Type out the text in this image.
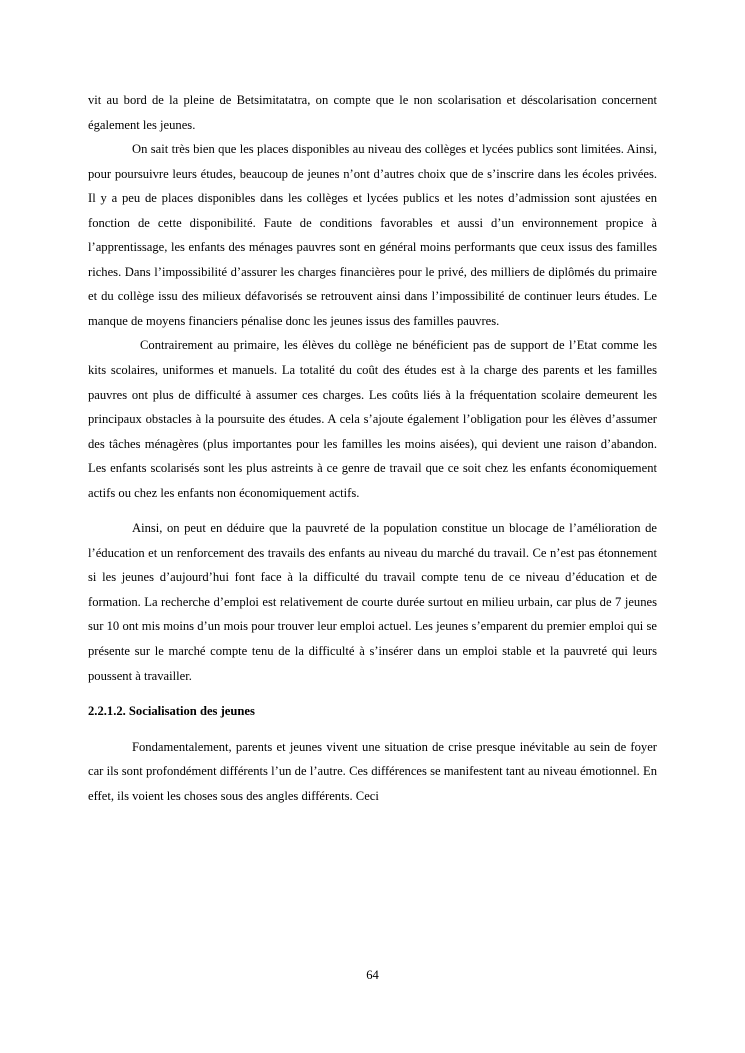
vit au bord de la pleine de Betsimitatatra, on compte que le non scolarisation et déscolarisation concernent également les jeunes.

On sait très bien que les places disponibles au niveau des collèges et lycées publics sont limitées. Ainsi, pour poursuivre leurs études, beaucoup de jeunes n’ont d’autres choix que de s’inscrire dans les écoles privées. Il y a peu de places disponibles dans les collèges et lycées publics et les notes d’admission sont ajustées en fonction de cette disponibilité. Faute de conditions favorables et aussi d’un environnement propice à l’apprentissage, les enfants des ménages pauvres sont en général moins performants que ceux issus des familles riches. Dans l’impossibilité d’assurer les charges financières pour le privé, des milliers de diplômés du primaire et du collège issu des milieux défavorisés se retrouvent ainsi dans l’impossibilité de continuer leurs études. Le manque de moyens financiers pénalise donc les jeunes issus des familles pauvres.

Contrairement au primaire, les élèves du collège ne bénéficient pas de support de l’Etat comme les kits scolaires, uniformes et manuels. La totalité du coût des études est à la charge des parents et les familles pauvres ont plus de difficulté à assumer ces charges. Les coûts liés à la fréquentation scolaire demeurent les principaux obstacles à la poursuite des études. A cela s’ajoute également l’obligation pour les élèves d’assumer des tâches ménagères (plus importantes pour les familles les moins aisées), qui devient une raison d’abandon. Les enfants scolarisés sont les plus astreints à ce genre de travail que ce soit chez les enfants économiquement actifs ou chez les enfants non économiquement actifs.

Ainsi, on peut en déduire que la pauvreté de la population constitue un blocage de l’amélioration de l’éducation et un renforcement des travails des enfants au niveau du marché du travail. Ce n’est pas étonnement si les jeunes d’aujourd’hui font face à la difficulté du travail compte tenu de ce niveau d’éducation et de formation. La recherche d’emploi est relativement de courte durée surtout en milieu urbain, car plus de 7 jeunes sur 10 ont mis moins d’un mois pour trouver leur emploi actuel. Les jeunes s’emparent du premier emploi qui se présente sur le marché compte tenu de la difficulté à s’insérer dans un emploi stable et la pauvreté qui leurs poussent à travailler.

2.2.1.2. Socialisation des jeunes

Fondamentalement, parents et jeunes vivent une situation de crise presque inévitable au sein de foyer car ils sont profondément différents l’un de l’autre. Ces différences se manifestent tant au niveau émotionnel. En effet, ils voient les choses sous des angles différents. Ceci

64
